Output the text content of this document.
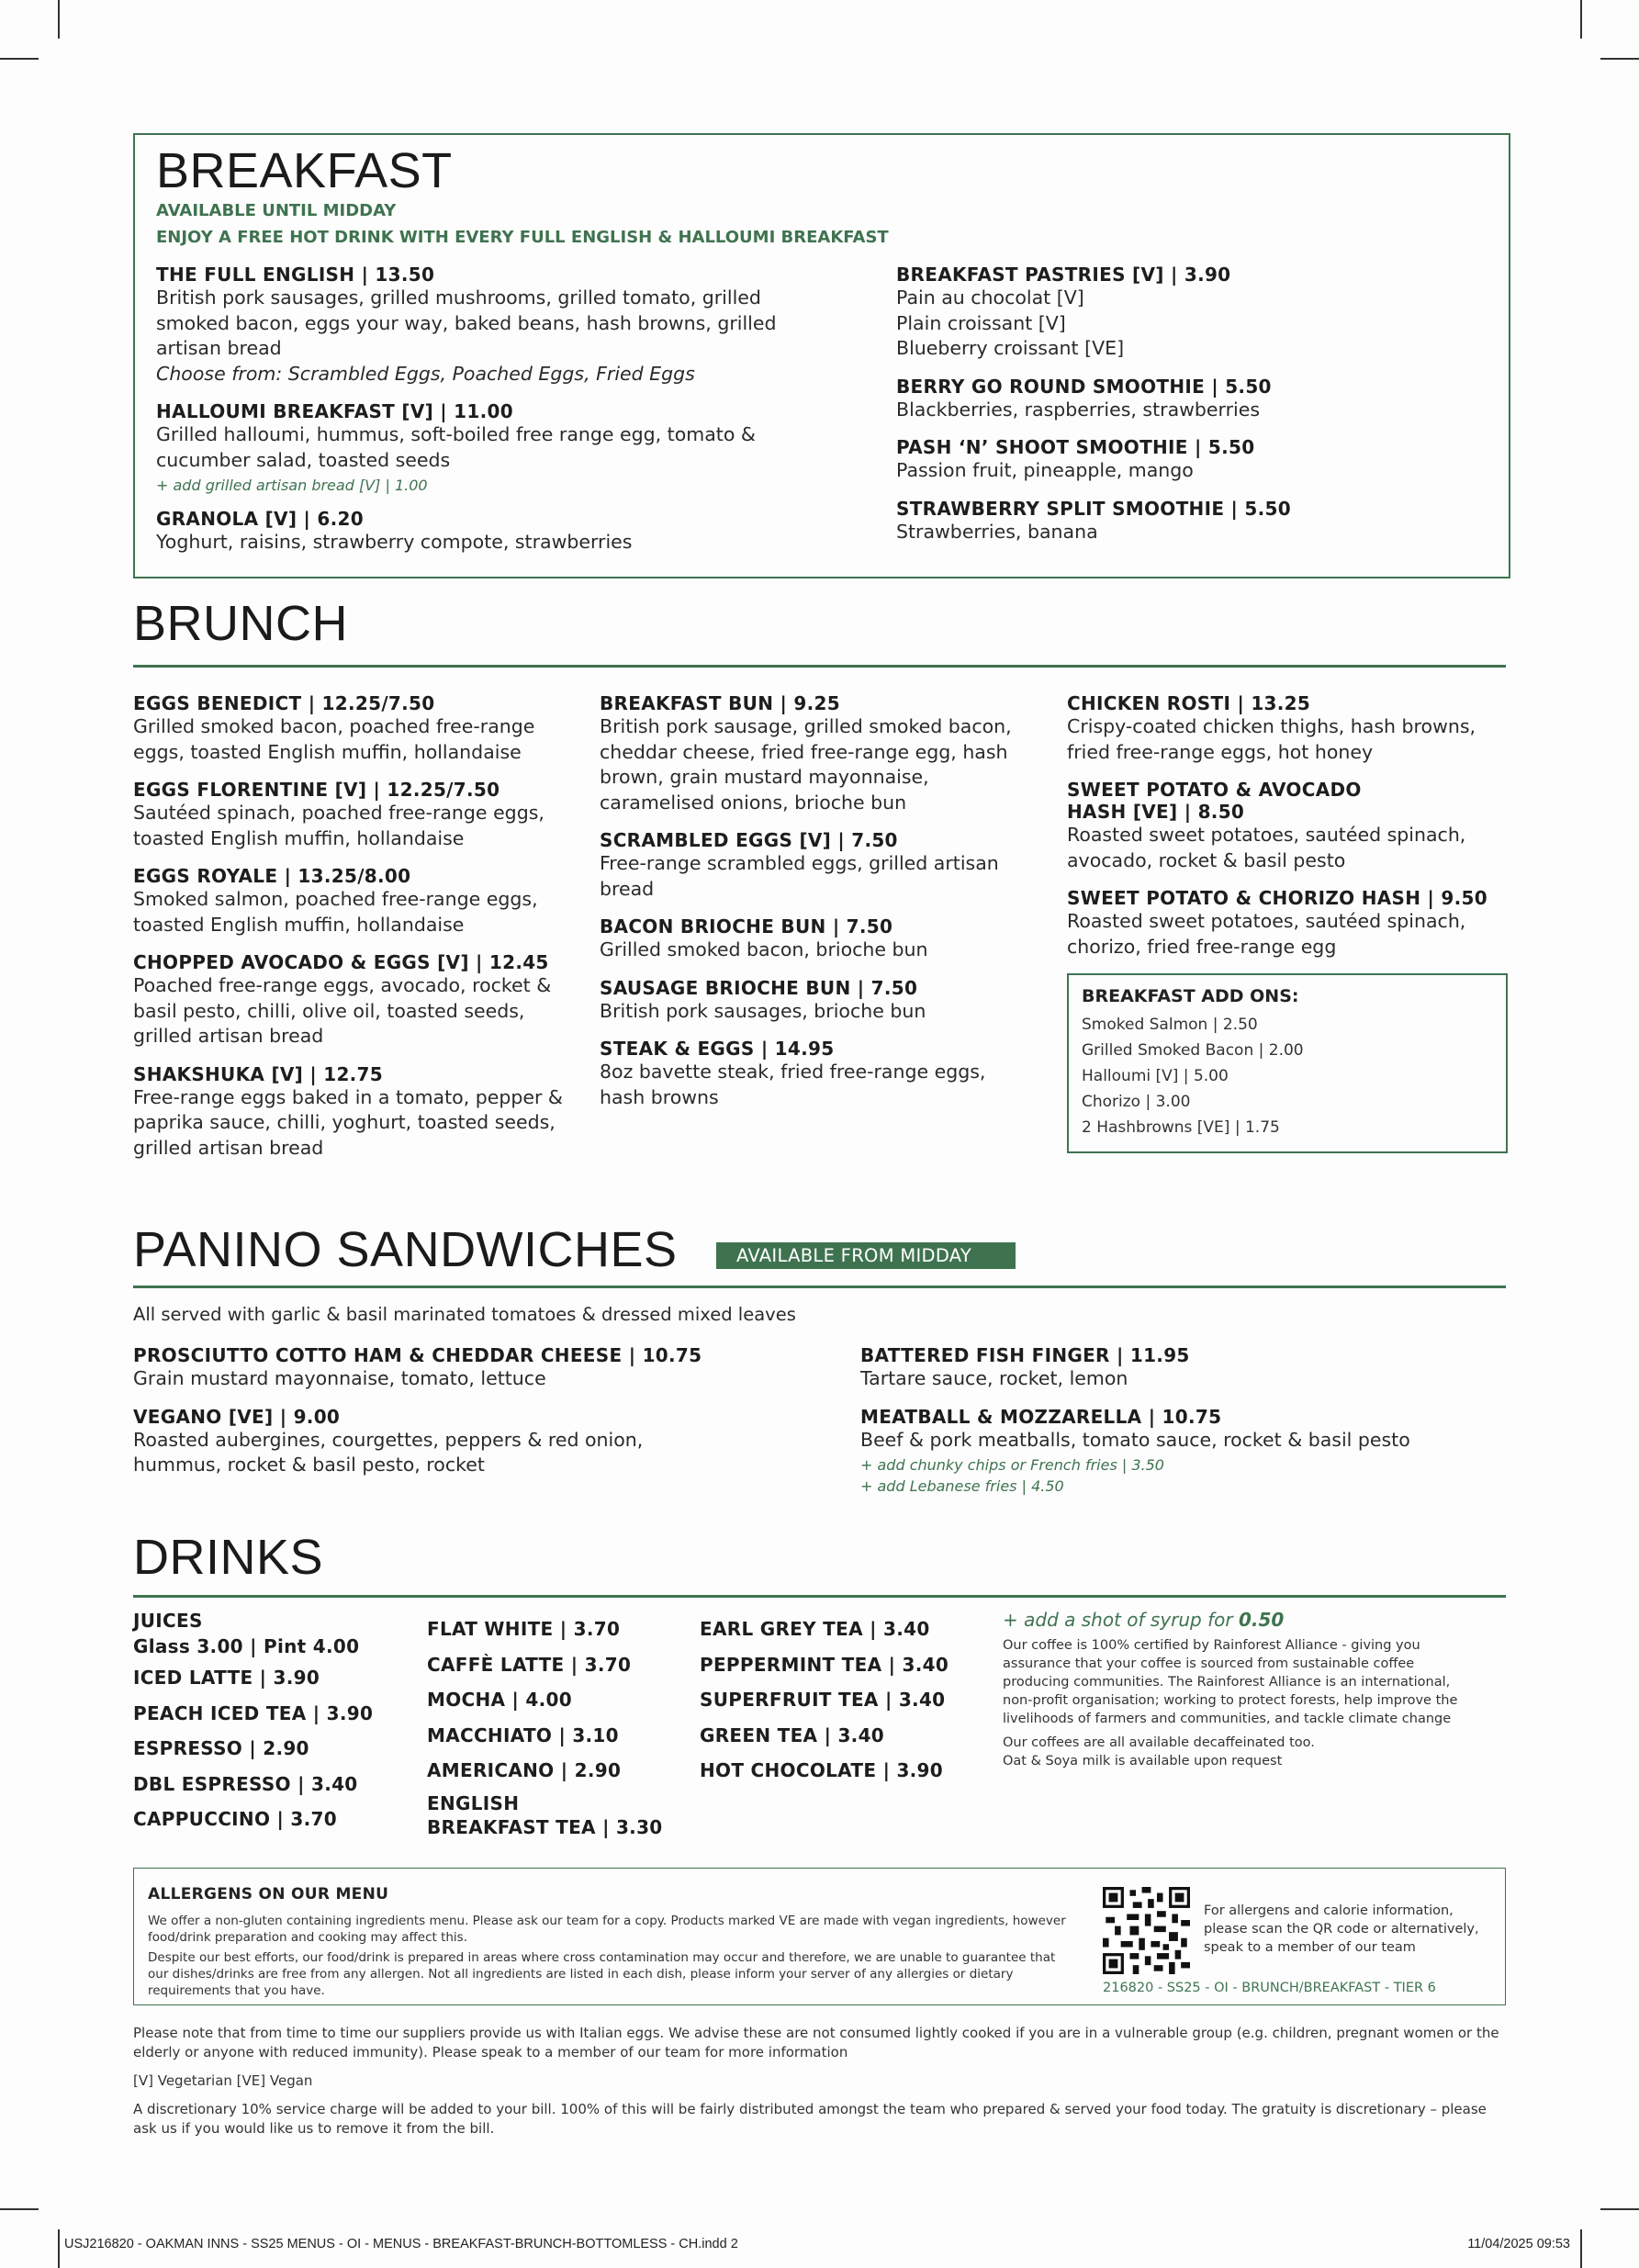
BREAKFAST
AVAILABLE UNTIL MIDDAY
ENJOY A FREE HOT DRINK WITH EVERY FULL ENGLISH & HALLOUMI BREAKFAST
THE FULL ENGLISH | 13.50
British pork sausages, grilled mushrooms, grilled tomato, grilled smoked bacon, eggs your way, baked beans, hash browns, grilled artisan bread
Choose from: Scrambled Eggs, Poached Eggs, Fried Eggs
HALLOUMI BREAKFAST [V] | 11.00
Grilled halloumi, hummus, soft-boiled free range egg, tomato & cucumber salad, toasted seeds
+ add grilled artisan bread [V] | 1.00
GRANOLA [V] | 6.20
Yoghurt, raisins, strawberry compote, strawberries
BREAKFAST PASTRIES [V] | 3.90
Pain au chocolat [V]
Plain croissant [V]
Blueberry croissant [VE]
BERRY GO ROUND SMOOTHIE | 5.50
Blackberries, raspberries, strawberries
PASH ‘N’ SHOOT SMOOTHIE | 5.50
Passion fruit, pineapple, mango
STRAWBERRY SPLIT SMOOTHIE | 5.50
Strawberries, banana
BRUNCH
EGGS BENEDICT | 12.25/7.50
Grilled smoked bacon, poached free-range eggs, toasted English muffin, hollandaise
EGGS FLORENTINE [V] | 12.25/7.50
Sautéed spinach, poached free-range eggs, toasted English muffin, hollandaise
EGGS ROYALE | 13.25/8.00
Smoked salmon, poached free-range eggs, toasted English muffin, hollandaise
CHOPPED AVOCADO & EGGS [V] | 12.45
Poached free-range eggs, avocado, rocket & basil pesto, chilli, olive oil, toasted seeds, grilled artisan bread
SHAKSHUKA [V] | 12.75
Free-range eggs baked in a tomato, pepper & paprika sauce, chilli, yoghurt, toasted seeds, grilled artisan bread
BREAKFAST BUN | 9.25
British pork sausage, grilled smoked bacon, cheddar cheese, fried free-range egg, hash brown, grain mustard mayonnaise, caramelised onions, brioche bun
SCRAMBLED EGGS [V] | 7.50
Free-range scrambled eggs, grilled artisan bread
BACON BRIOCHE BUN | 7.50
Grilled smoked bacon, brioche bun
SAUSAGE BRIOCHE BUN | 7.50
British pork sausages, brioche bun
STEAK & EGGS | 14.95
8oz bavette steak, fried free-range eggs, hash browns
CHICKEN ROSTI | 13.25
Crispy-coated chicken thighs, hash browns, fried free-range eggs, hot honey
SWEET POTATO & AVOCADO HASH [VE] | 8.50
Roasted sweet potatoes, sautéed spinach, avocado, rocket & basil pesto
SWEET POTATO & CHORIZO HASH | 9.50
Roasted sweet potatoes, sautéed spinach, chorizo, fried free-range egg
BREAKFAST ADD ONS:
Smoked Salmon | 2.50
Grilled Smoked Bacon | 2.00
Halloumi [V] | 5.00
Chorizo | 3.00
2 Hashbrowns [VE] | 1.75
PANINO SANDWICHES	AVAILABLE FROM MIDDAY
All served with garlic & basil marinated tomatoes & dressed mixed leaves
PROSCIUTTO COTTO HAM & CHEDDAR CHEESE | 10.75
Grain mustard mayonnaise, tomato, lettuce
VEGANO [VE] | 9.00
Roasted aubergines, courgettes, peppers & red onion, hummus, rocket & basil pesto, rocket
BATTERED FISH FINGER | 11.95
Tartare sauce, rocket, lemon
MEATBALL & MOZZARELLA | 10.75
Beef & pork meatballs, tomato sauce, rocket & basil pesto
+ add chunky chips or French fries | 3.50
+ add Lebanese fries | 4.50
DRINKS
JUICES
Glass 3.00 | Pint 4.00
ICED LATTE | 3.90
PEACH ICED TEA | 3.90
ESPRESSO | 2.90
DBL ESPRESSO | 3.40
CAPPUCCINO | 3.70
FLAT WHITE | 3.70
CAFFÈ LATTE | 3.70
MOCHA | 4.00
MACCHIATO | 3.10
AMERICANO | 2.90
ENGLISH
BREAKFAST TEA | 3.30
EARL GREY TEA | 3.40
PEPPERMINT TEA | 3.40
SUPERFRUIT TEA | 3.40
GREEN TEA | 3.40
HOT CHOCOLATE | 3.90
+ add a shot of syrup for 0.50
Our coffee is 100% certified by Rainforest Alliance - giving you assurance that your coffee is sourced from sustainable coffee producing communities. The Rainforest Alliance is an international, non-profit organisation; working to protect forests, help improve the livelihoods of farmers and communities, and tackle climate change
Our coffees are all available decaffeinated too.
Oat & Soya milk is available upon request
ALLERGENS ON OUR MENU
We offer a non-gluten containing ingredients menu. Please ask our team for a copy. Products marked VE are made with vegan ingredients, however food/drink preparation and cooking may affect this.
Despite our best efforts, our food/drink is prepared in areas where cross contamination may occur and therefore, we are unable to guarantee that our dishes/drinks are free from any allergen. Not all ingredients are listed in each dish, please inform your server of any allergies or dietary requirements that you have.
For allergens and calorie information, please scan the QR code or alternatively, speak to a member of our team
216820 - SS25 - OI - BRUNCH/BREAKFAST - TIER 6

Please note that from time to time our suppliers provide us with Italian eggs. We advise these are not consumed lightly cooked if you are in a vulnerable group (e.g. children, pregnant women or the elderly or anyone with reduced immunity). Please speak to a member of our team for more information

[V] Vegetarian [VE] Vegan

A discretionary 10% service charge will be added to your bill. 100% of this will be fairly distributed amongst the team who prepared & served your food today. The gratuity is discretionary – please ask us if you would like us to remove it from the bill.

USJ216820 - OAKMAN INNS - SS25 MENUS - OI - MENUS - BREAKFAST-BRUNCH-BOTTOMLESS - CH.indd 2	11/04/2025 09:53
